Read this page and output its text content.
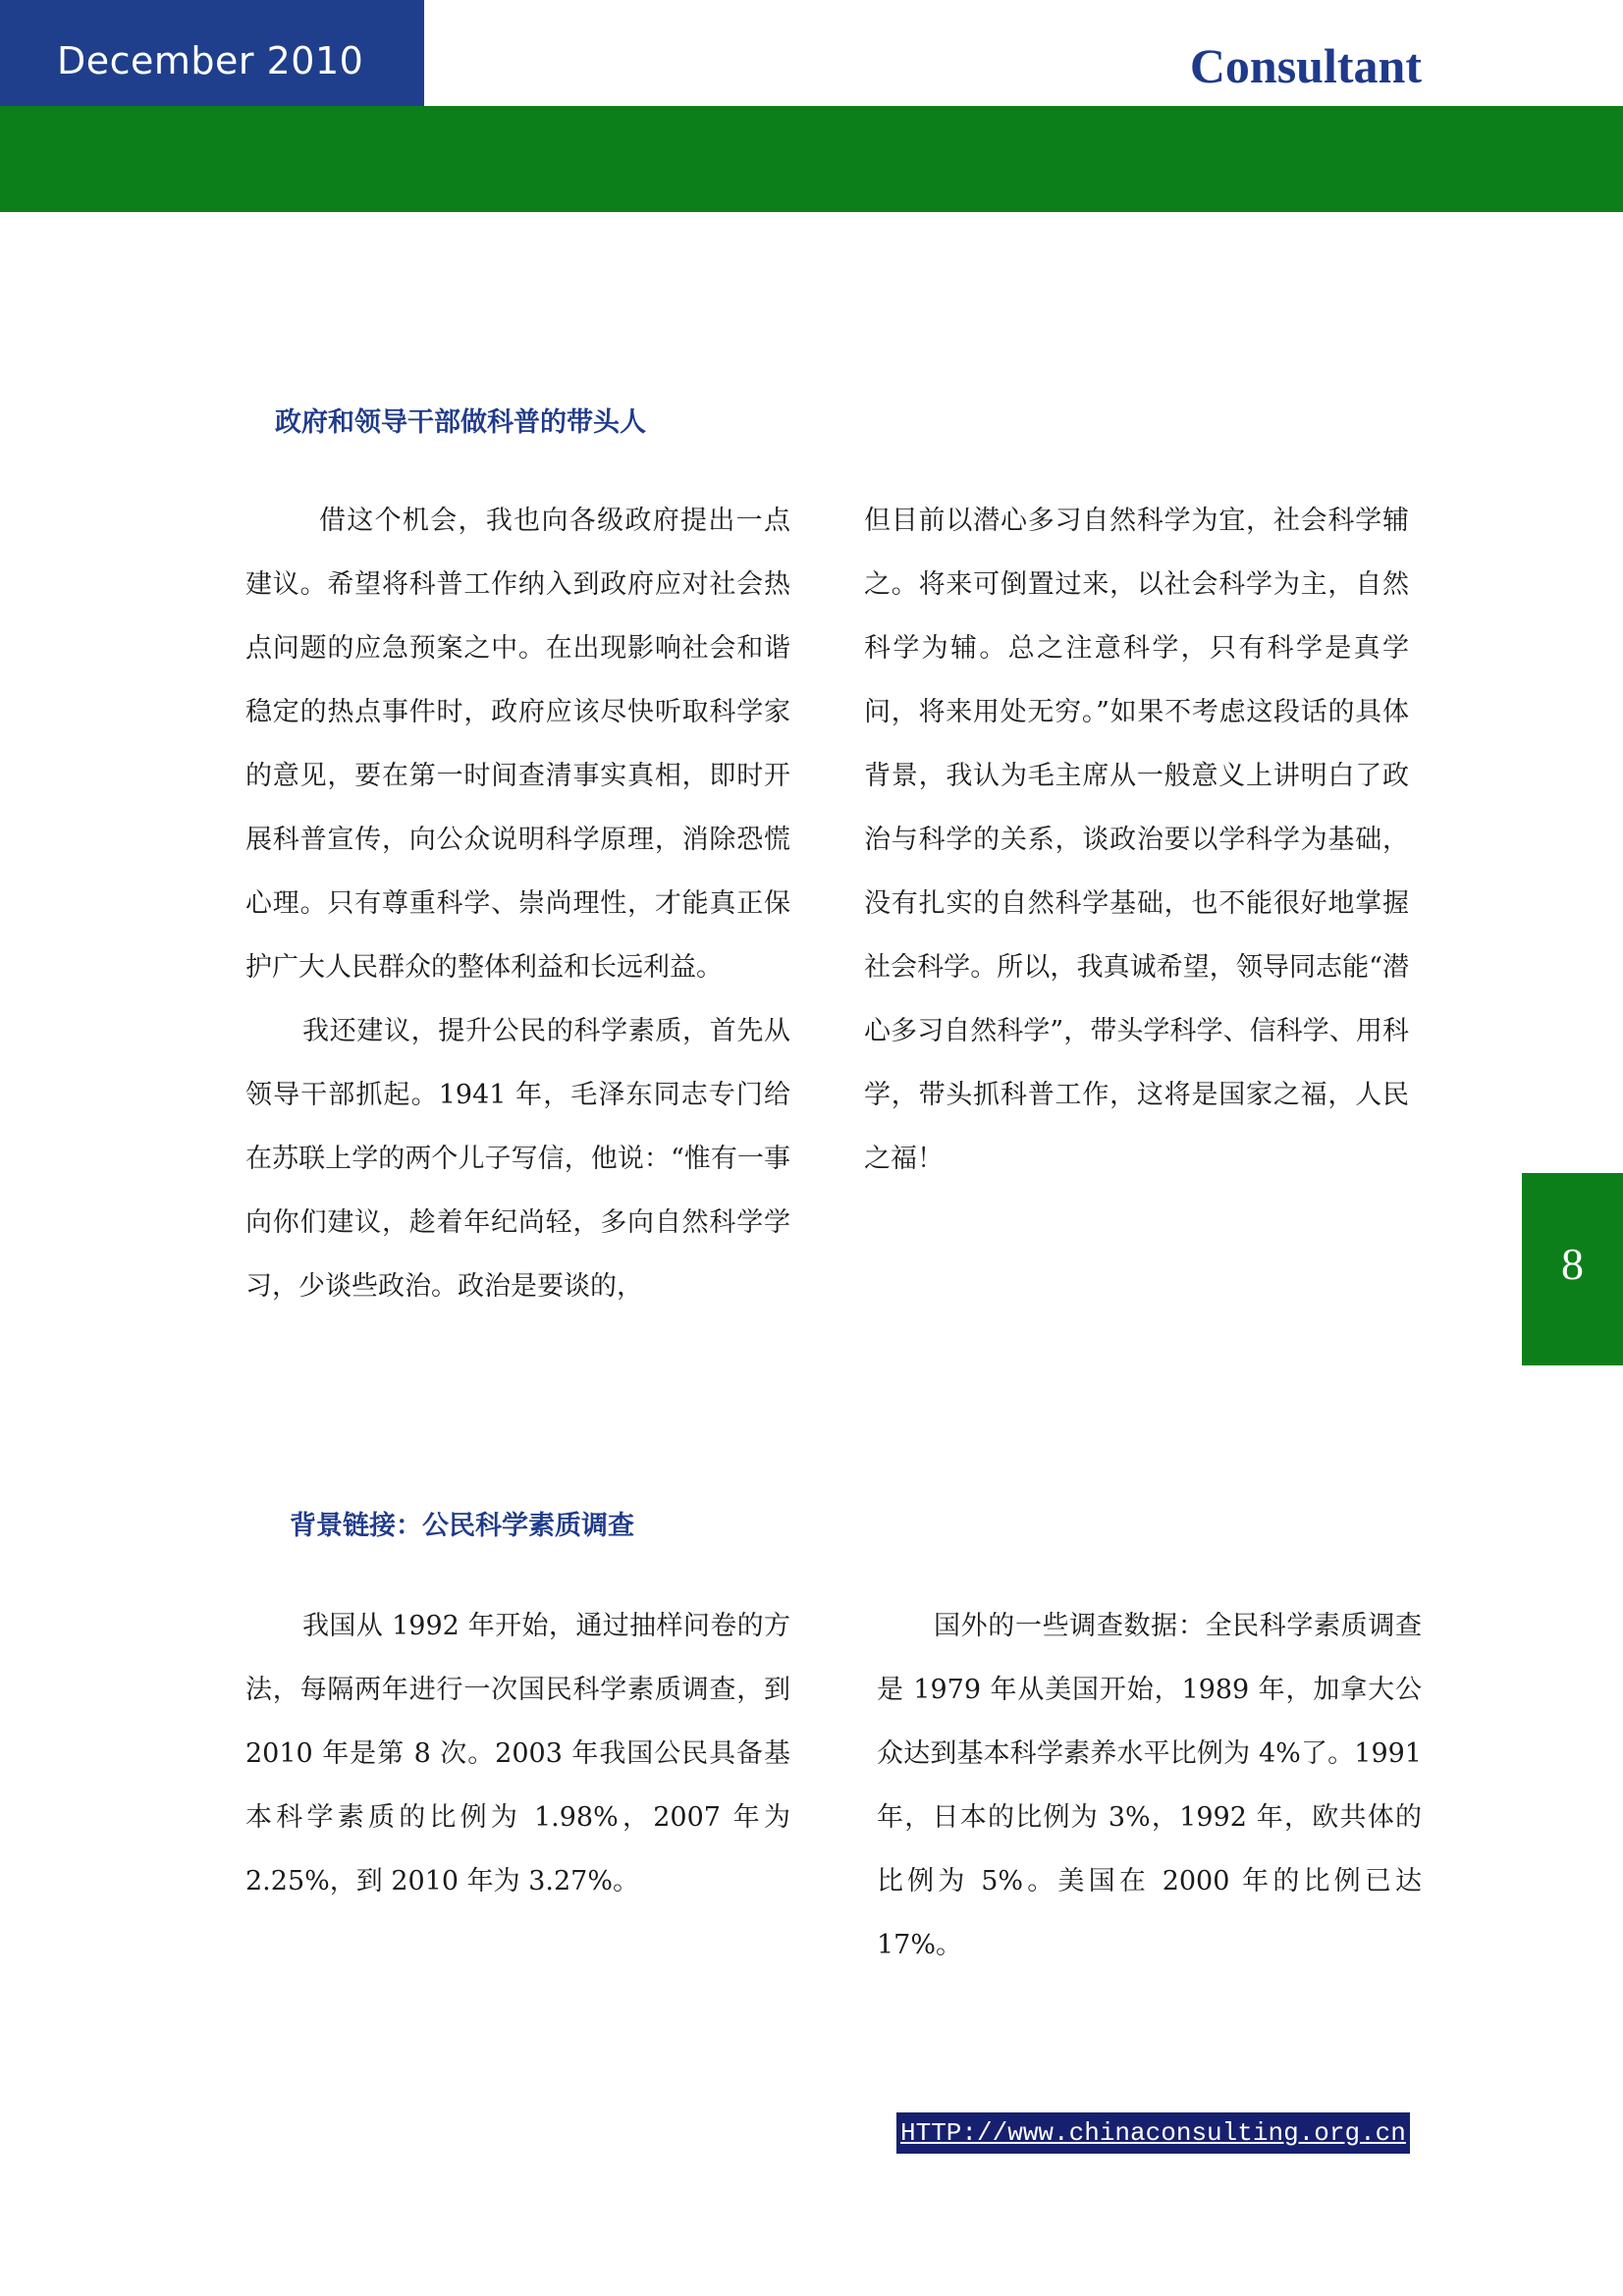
December 2010	Consultant
8
政府和领导干部做科普的带头人

借这个机会，我也向各级政府提出一点建议。希望将科普工作纳入到政府应对社会热点问题的应急预案之中。在出现影响社会和谐稳定的热点事件时，政府应该尽快听取科学家的意见，要在第一时间查清事实真相，即时开展科普宣传，向公众说明科学原理，消除恐慌心理。只有尊重科学、崇尚理性，才能真正保护广大人民群众的整体利益和长远利益。

我还建议，提升公民的科学素质，首先从领导干部抓起。1941 年，毛泽东同志专门给在苏联上学的两个儿子写信，他说：“惟有一事向你们建议，趁着年纪尚轻，多向自然科学学习，少谈些政治。政治是要谈的，

但目前以潜心多习自然科学为宜，社会科学辅之。将来可倒置过来，以社会科学为主，自然科学为辅。总之注意科学，只有科学是真学问，将来用处无穷。”如果不考虑这段话的具体背景，我认为毛主席从一般意义上讲明白了政治与科学的关系，谈政治要以学科学为基础，没有扎实的自然科学基础，也不能很好地掌握社会科学。所以，我真诚希望，领导同志能“潜心多习自然科学”，带头学科学、信科学、用科学，带头抓科普工作，这将是国家之福，人民之福！

背景链接：公民科学素质调查

我国从 1992 年开始，通过抽样问卷的方法，每隔两年进行一次国民科学素质调查，到 2010 年是第 8 次。2003 年我国公民具备基本科学素质的比例为 1.98%，2007 年为 2.25%，到 2010 年为 3.27%。

国外的一些调查数据：全民科学素质调查是 1979 年从美国开始，1989 年，加拿大公众达到基本科学素养水平比例为 4%了。1991 年，日本的比例为 3%，1992 年，欧共体的比例为 5%。美国在 2000 年的比例已达 17%。

HTTP://www.chinaconsulting.org.cn
